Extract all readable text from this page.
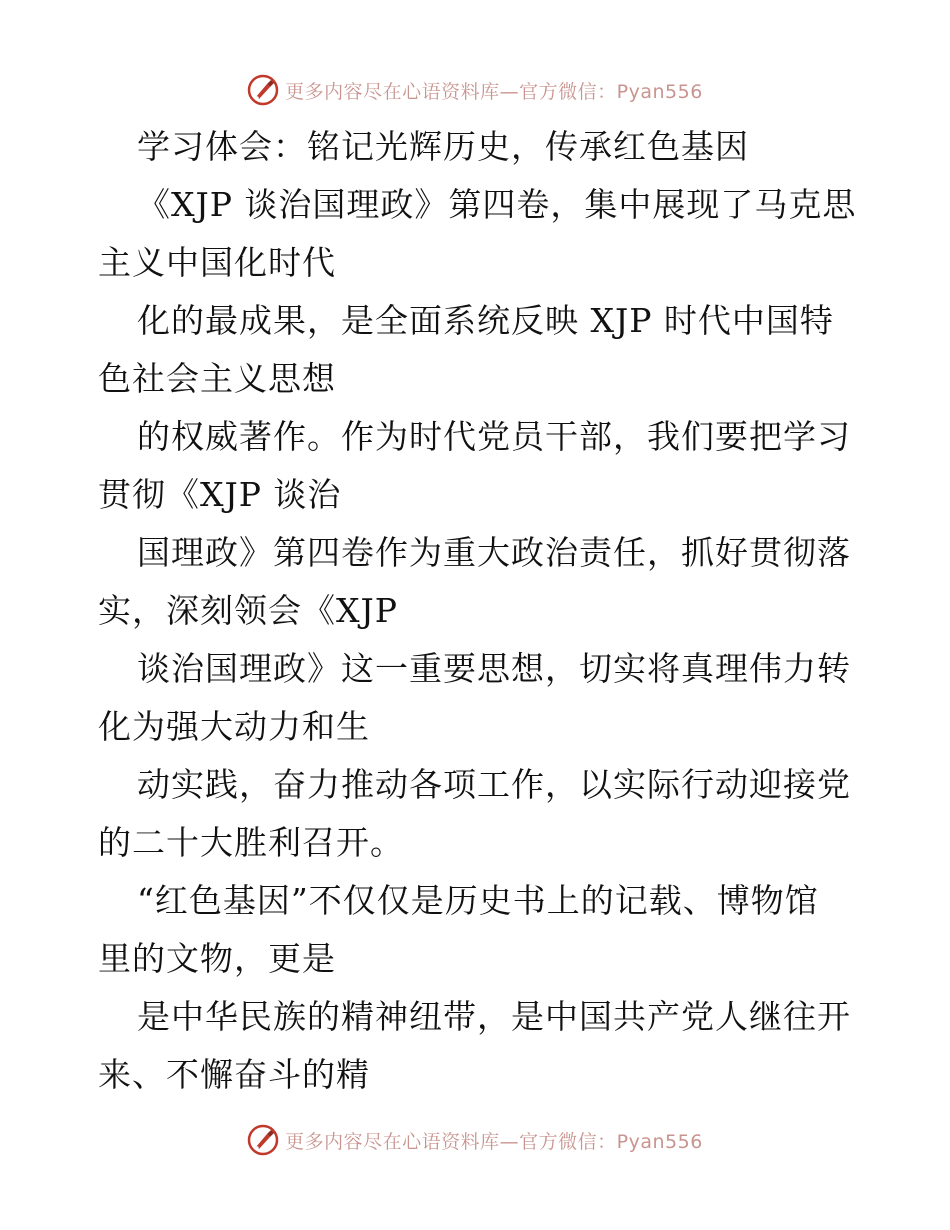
更多内容尽在心语资料库—官方微信：Pyan556
学习体会：铭记光辉历史，传承红色基因
《XJP 谈治国理政》第四卷，集中展现了马克思
主义中国化时代
化的最成果，是全面系统反映 XJP 时代中国特
色社会主义思想
的权威著作。作为时代党员干部，我们要把学习
贯彻《XJP 谈治
国理政》第四卷作为重大政治责任，抓好贯彻落
实，深刻领会《XJP
谈治国理政》这一重要思想，切实将真理伟力转
化为强大动力和生
动实践，奋力推动各项工作，以实际行动迎接党
的二十大胜利召开。
“红色基因”不仅仅是历史书上的记载、博物馆
里的文物，更是
是中华民族的精神纽带，是中国共产党人继往开
来、不懈奋斗的精
更多内容尽在心语资料库—官方微信：Pyan556
